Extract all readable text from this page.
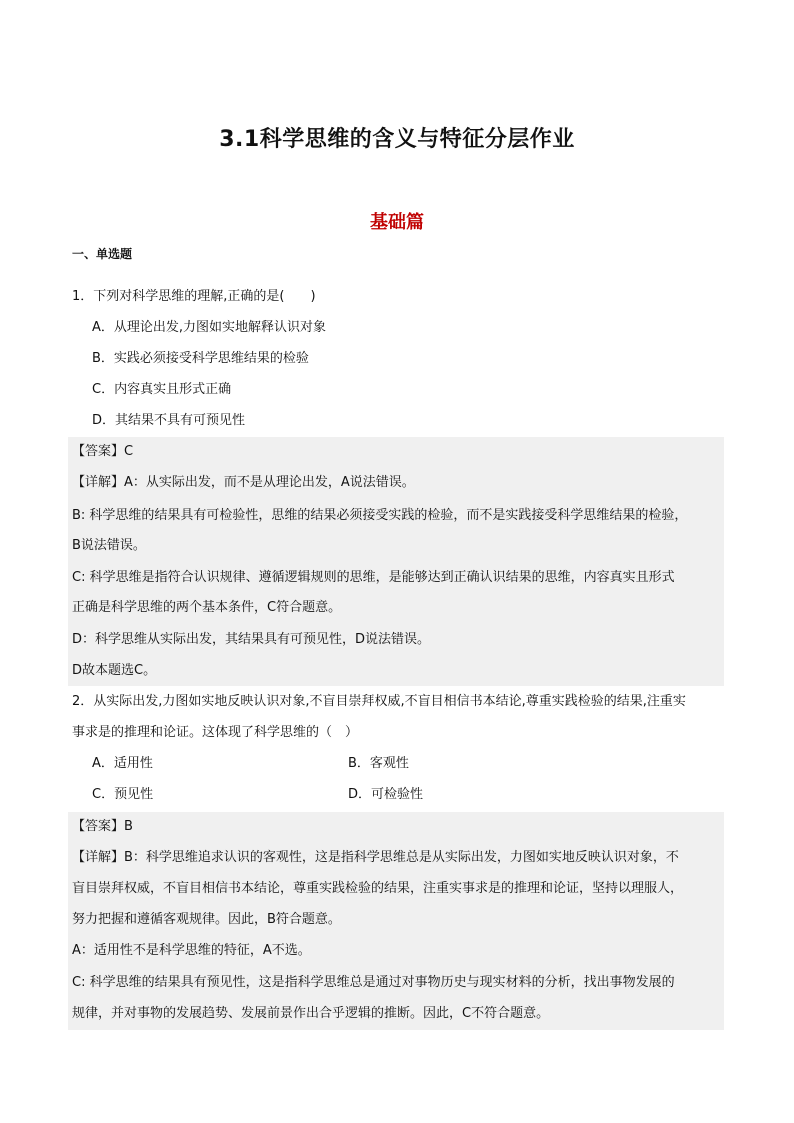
3.1科学思维的含义与特征分层作业
基础篇
一、单选题
1．下列对科学思维的理解,正确的是(　　)
A．从理论出发,力图如实地解释认识对象
B．实践必须接受科学思维结果的检验
C．内容真实且形式正确
D．其结果不具有可预见性
【答案】C
【详解】A：从实际出发，而不是从理论出发，A说法错误。
B: 科学思维的结果具有可检验性，思维的结果必须接受实践的检验，而不是实践接受科学思维结果的检验，
B说法错误。
C: 科学思维是指符合认识规律、遵循逻辑规则的思维，是能够达到正确认识结果的思维，内容真实且形式
正确是科学思维的两个基本条件，C符合题意。
D：科学思维从实际出发，其结果具有可预见性，D说法错误。
D故本题选C。
2．从实际出发,力图如实地反映认识对象,不盲目崇拜权威,不盲目相信书本结论,尊重实践检验的结果,注重实
事求是的推理和论证。这体现了科学思维的（　）
A．适用性	B．客观性
C．预见性	D．可检验性
【答案】B
【详解】B：科学思维追求认识的客观性，这是指科学思维总是从实际出发，力图如实地反映认识对象，不
盲目崇拜权威，不盲目相信书本结论，尊重实践检验的结果，注重实事求是的推理和论证，坚持以理服人，
努力把握和遵循客观规律。因此，B符合题意。
A：适用性不是科学思维的特征，A不选。
C: 科学思维的结果具有预见性，这是指科学思维总是通过对事物历史与现实材料的分析，找出事物发展的
规律，并对事物的发展趋势、发展前景作出合乎逻辑的推断。因此，C不符合题意。
